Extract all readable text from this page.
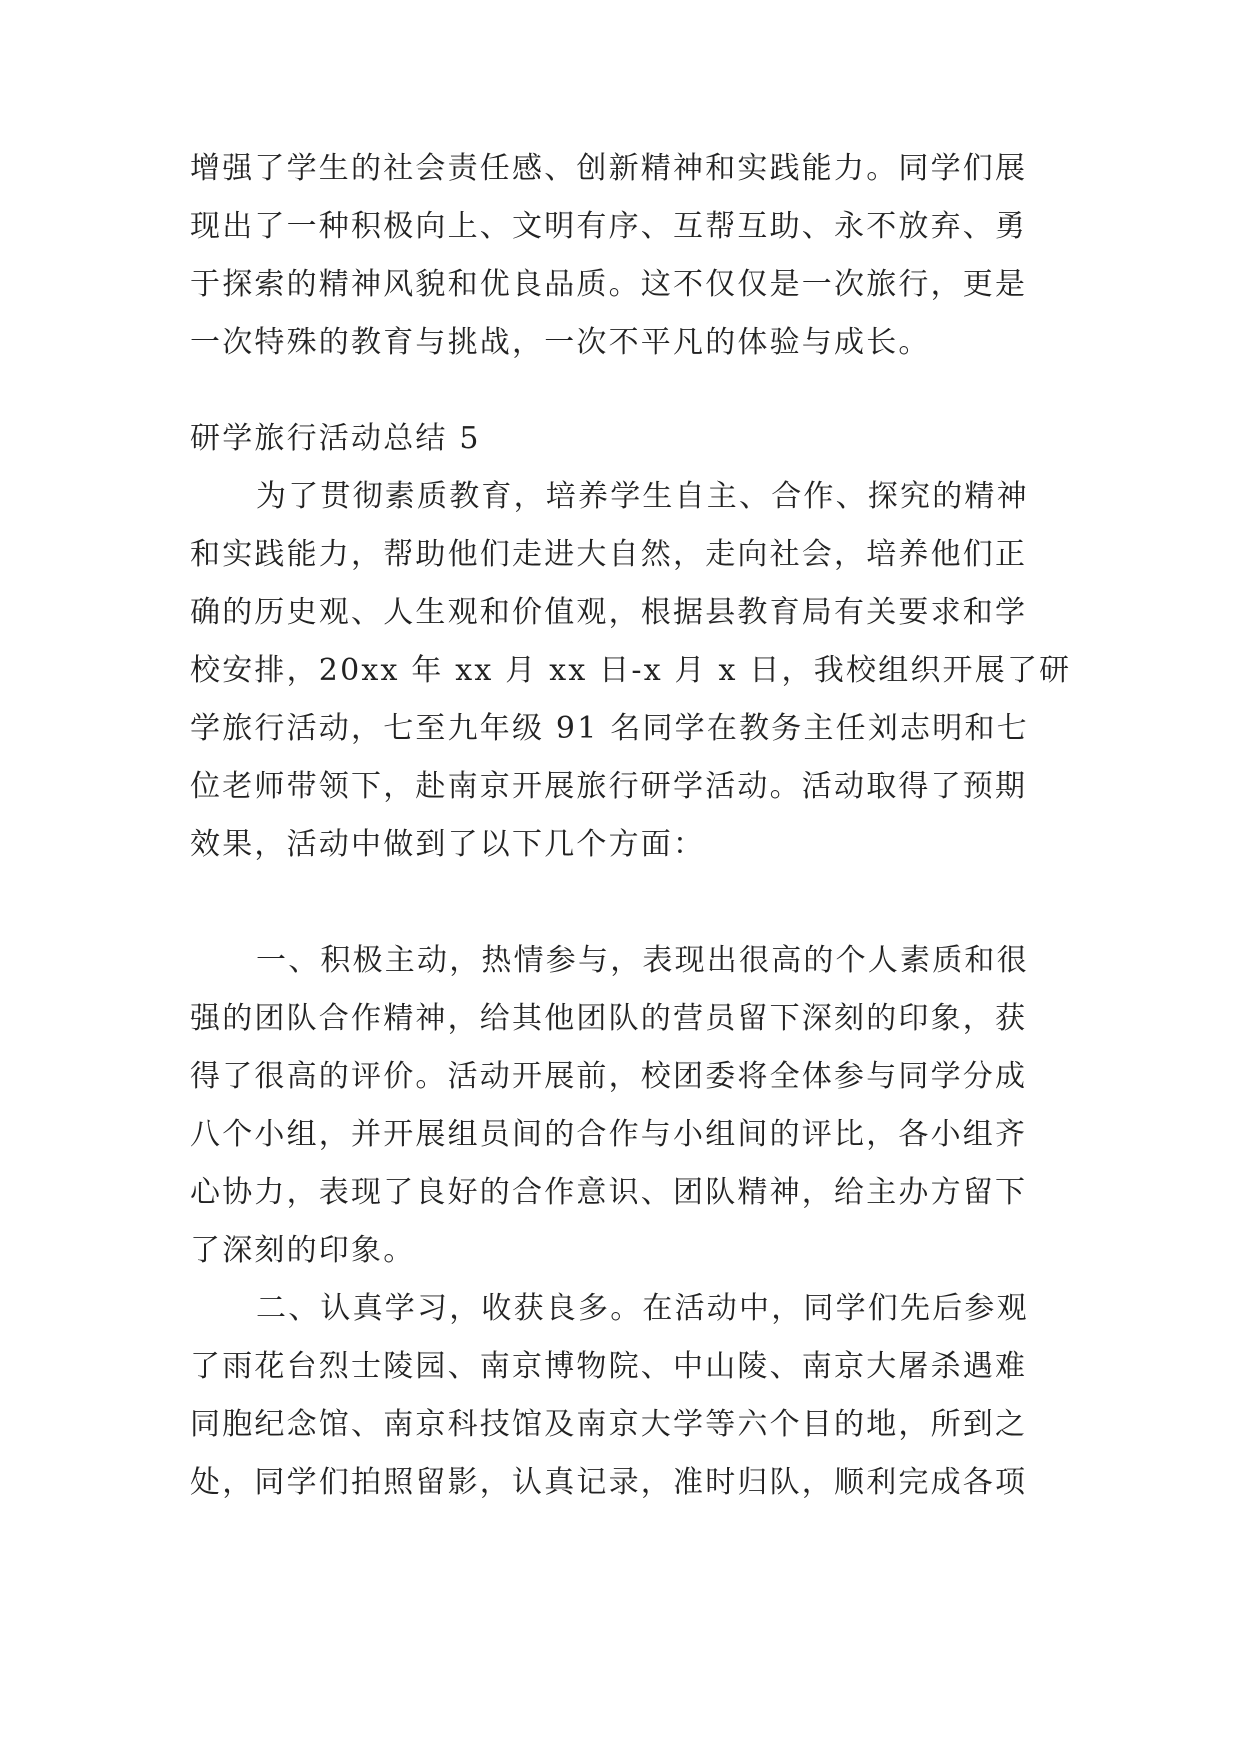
增强了学生的社会责任感、创新精神和实践能力。同学们展
现出了一种积极向上、文明有序、互帮互助、永不放弃、勇
于探索的精神风貌和优良品质。这不仅仅是一次旅行，更是
一次特殊的教育与挑战，一次不平凡的体验与成长。
研学旅行活动总结 5
为了贯彻素质教育，培养学生自主、合作、探究的精神
和实践能力，帮助他们走进大自然，走向社会，培养他们正
确的历史观、人生观和价值观，根据县教育局有关要求和学
校安排，20xx 年 xx 月 xx 日-x 月 x 日，我校组织开展了研
学旅行活动，七至九年级 91 名同学在教务主任刘志明和七
位老师带领下，赴南京开展旅行研学活动。活动取得了预期
效果，活动中做到了以下几个方面：
一、积极主动，热情参与，表现出很高的个人素质和很
强的团队合作精神，给其他团队的营员留下深刻的印象，获
得了很高的评价。活动开展前，校团委将全体参与同学分成
八个小组，并开展组员间的合作与小组间的评比，各小组齐
心协力，表现了良好的合作意识、团队精神，给主办方留下
了深刻的印象。
二、认真学习，收获良多。在活动中，同学们先后参观
了雨花台烈士陵园、南京博物院、中山陵、南京大屠杀遇难
同胞纪念馆、南京科技馆及南京大学等六个目的地，所到之
处，同学们拍照留影，认真记录，准时归队，顺利完成各项
